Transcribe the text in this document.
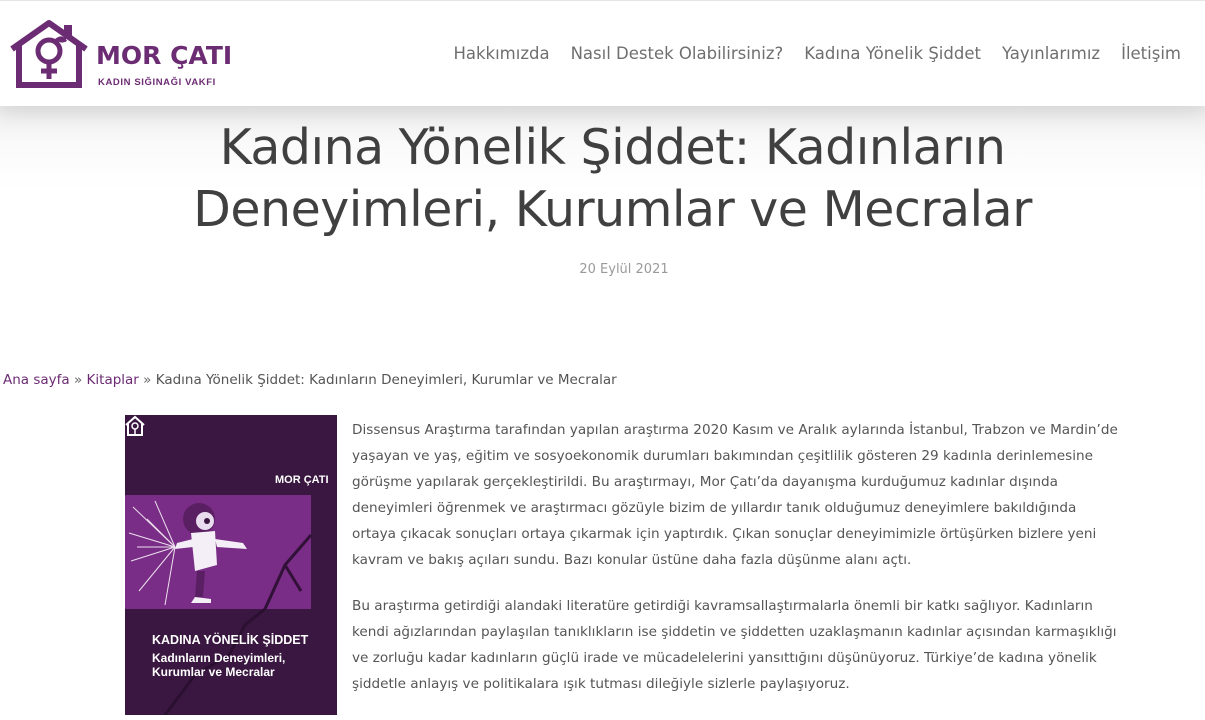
MOR ÇATI
KADIN SIĞINAĞI VAKFI
Hakkımızda Nasıl Destek Olabilirsiniz? Kadına Yönelik Şiddet Yayınlarımız İletişim
Kadına Yönelik Şiddet: Kadınların
Deneyimleri, Kurumlar ve Mecralar
20 Eylül 2021
Ana sayfa » Kitaplar » Kadına Yönelik Şiddet: Kadınların Deneyimleri, Kurumlar ve Mecralar
MOR ÇATI
KADINA YÖNELİK ŞİDDET
Kadınların Deneyimleri,
Kurumlar ve Mecralar

Dissensus Araştırma tarafından yapılan araştırma 2020 Kasım ve Aralık aylarında İstanbul, Trabzon ve Mardin’de yaşayan ve yaş, eğitim ve sosyoekonomik durumları bakımından çeşitlilik gösteren 29 kadınla derinlemesine görüşme yapılarak gerçekleştirildi. Bu araştırmayı, Mor Çatı’da dayanışma kurduğumuz kadınlar dışında deneyimleri öğrenmek ve araştırmacı gözüyle bizim de yıllardır tanık olduğumuz deneyimlere bakıldığında ortaya çıkacak sonuçları ortaya çıkarmak için yaptırdık. Çıkan sonuçlar deneyimimizle örtüşürken bizlere yeni kavram ve bakış açıları sundu. Bazı konular üstüne daha fazla düşünme alanı açtı.

Bu araştırma getirdiği alandaki literatüre getirdiği kavramsallaştırmalarla önemli bir katkı sağlıyor. Kadınların kendi ağızlarından paylaşılan tanıklıkların ise şiddetin ve şiddetten uzaklaşmanın kadınlar açısından karmaşıklığı ve zorluğu kadar kadınların güçlü irade ve mücadelelerini yansıttığını düşünüyoruz. Türkiye’de kadına yönelik şiddetle anlayış ve politikalara ışık tutması dileğiyle sizlerle paylaşıyoruz.
